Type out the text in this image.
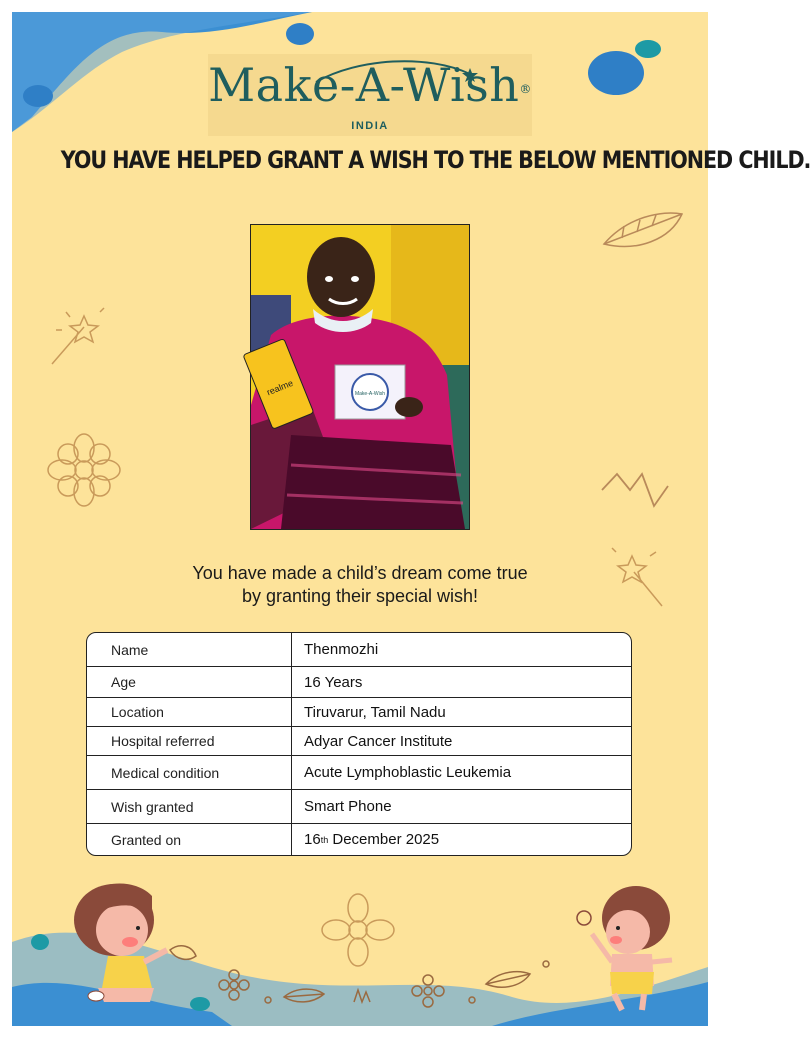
Make-A-Wish®
INDIA
YOU HAVE HELPED GRANT A WISH TO THE BELOW MENTIONED CHILD.
realme	Make-A-Wish
You have made a child’s dream come true
by granting their special wish!
Name	Thenmozhi
Age	16 Years
Location	Tiruvarur, Tamil Nadu
Hospital referred	Adyar Cancer Institute
Medical condition	Acute Lymphoblastic Leukemia
Wish granted	Smart Phone
Granted on	16 th December 2025
